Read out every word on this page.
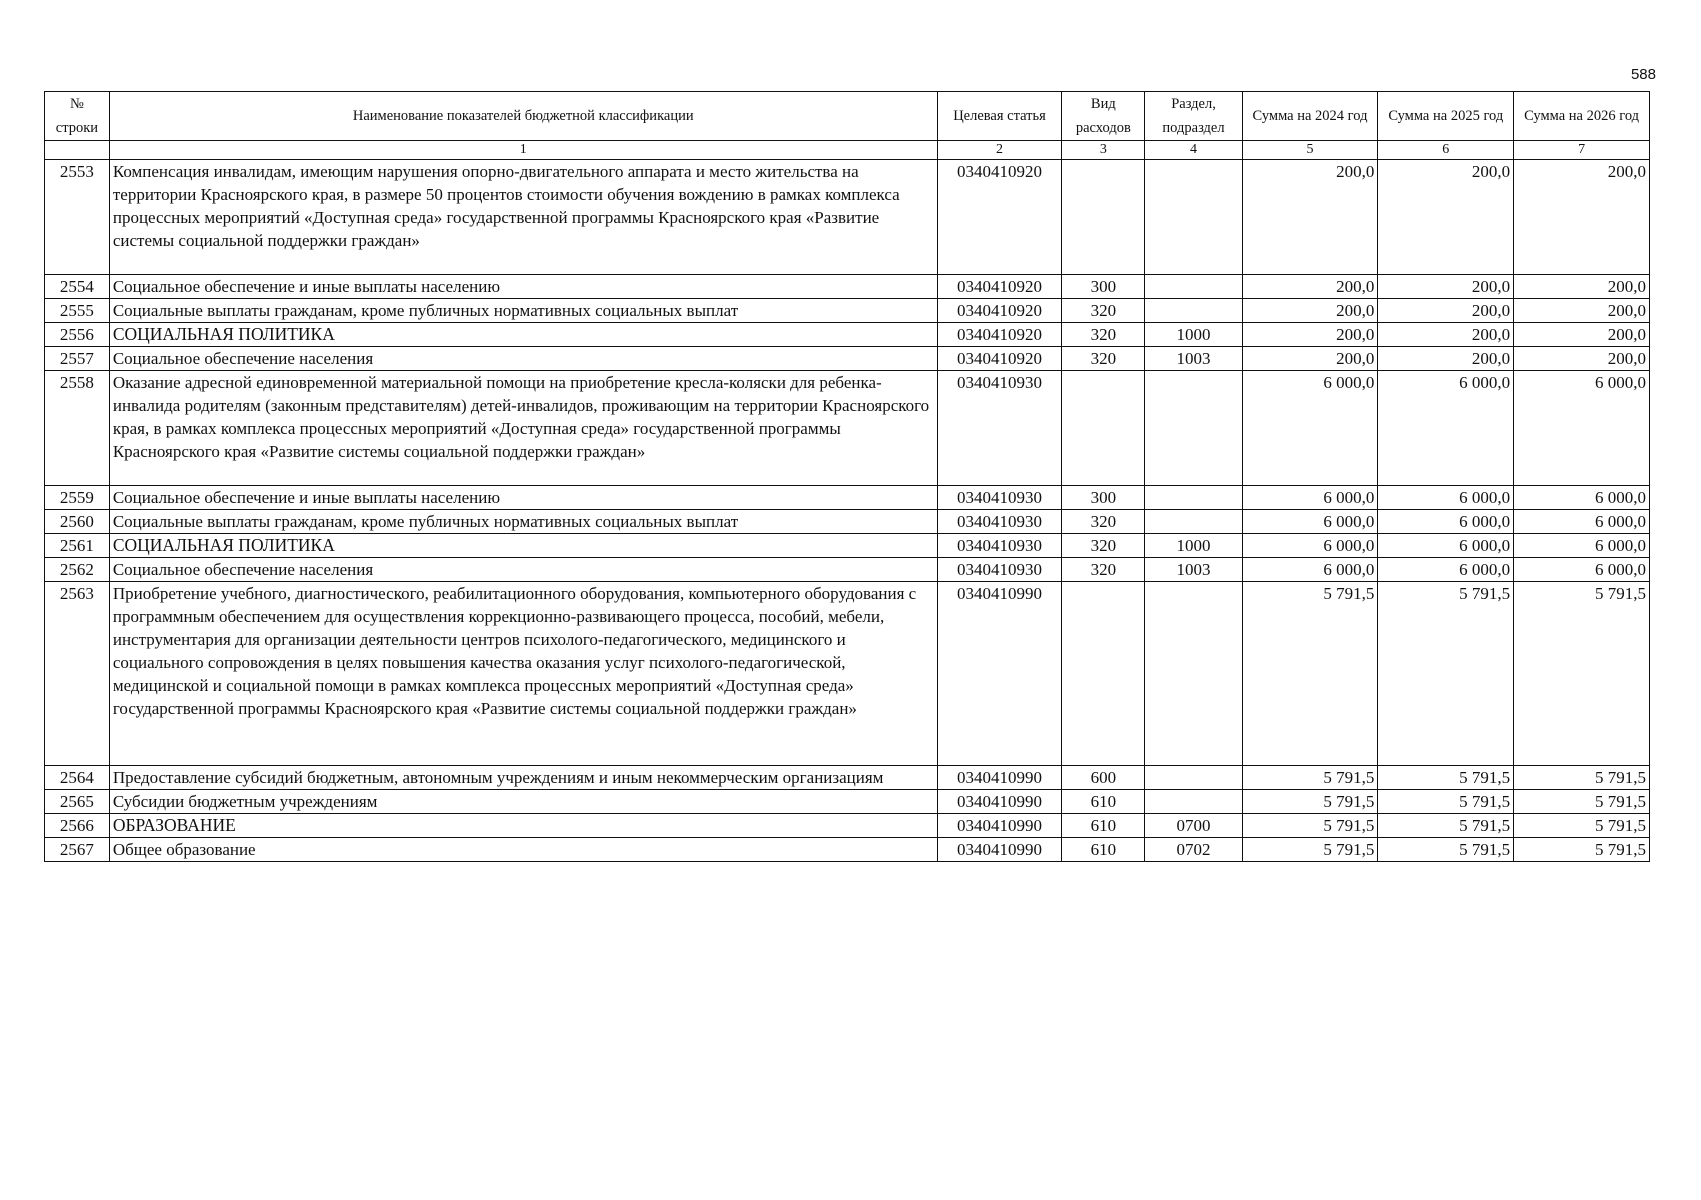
588
№ строки	Наименование показателей бюджетной классификации	Целевая статья	Вид расходов	Раздел, подраздел	Сумма на 2024 год	Сумма на 2025 год	Сумма на 2026 год
	1	2	3	4	5	6	7
2553	Компенсация инвалидам, имеющим нарушения опорно-двигательного аппарата и место жительства на территории Красноярского края, в размере 50 процентов стоимости обучения вождению в рамках комплекса процессных мероприятий «Доступная среда» государственной программы Красноярского края «Развитие системы социальной поддержки граждан»	0340410920			200,0	200,0	200,0
2554	Социальное обеспечение и иные выплаты населению	0340410920	300		200,0	200,0	200,0
2555	Социальные выплаты гражданам, кроме публичных нормативных социальных выплат	0340410920	320		200,0	200,0	200,0
2556	СОЦИАЛЬНАЯ ПОЛИТИКА	0340410920	320	1000	200,0	200,0	200,0
2557	Социальное обеспечение населения	0340410920	320	1003	200,0	200,0	200,0
2558	Оказание адресной единовременной материальной помощи на приобретение кресла-коляски для ребенка-инвалида родителям (законным представителям) детей-инвалидов, проживающим на территории Красноярского края, в рамках комплекса процессных мероприятий «Доступная среда» государственной программы Красноярского края «Развитие системы социальной поддержки граждан»	0340410930			6 000,0	6 000,0	6 000,0
2559	Социальное обеспечение и иные выплаты населению	0340410930	300		6 000,0	6 000,0	6 000,0
2560	Социальные выплаты гражданам, кроме публичных нормативных социальных выплат	0340410930	320		6 000,0	6 000,0	6 000,0
2561	СОЦИАЛЬНАЯ ПОЛИТИКА	0340410930	320	1000	6 000,0	6 000,0	6 000,0
2562	Социальное обеспечение населения	0340410930	320	1003	6 000,0	6 000,0	6 000,0
2563	Приобретение учебного, диагностического, реабилитационного оборудования, компьютерного оборудования с программным обеспечением для осуществления коррекционно-развивающего процесса, пособий, мебели, инструментария для организации деятельности центров психолого-педагогического, медицинского и социального сопровождения в целях повышения качества оказания услуг психолого-педагогической, медицинской и социальной помощи в рамках комплекса процессных мероприятий «Доступная среда» государственной программы Красноярского края «Развитие системы социальной поддержки граждан»	0340410990			5 791,5	5 791,5	5 791,5
2564	Предоставление субсидий бюджетным, автономным учреждениям и иным некоммерческим организациям	0340410990	600		5 791,5	5 791,5	5 791,5
2565	Субсидии бюджетным учреждениям	0340410990	610		5 791,5	5 791,5	5 791,5
2566	ОБРАЗОВАНИЕ	0340410990	610	0700	5 791,5	5 791,5	5 791,5
2567	Общее образование	0340410990	610	0702	5 791,5	5 791,5	5 791,5
